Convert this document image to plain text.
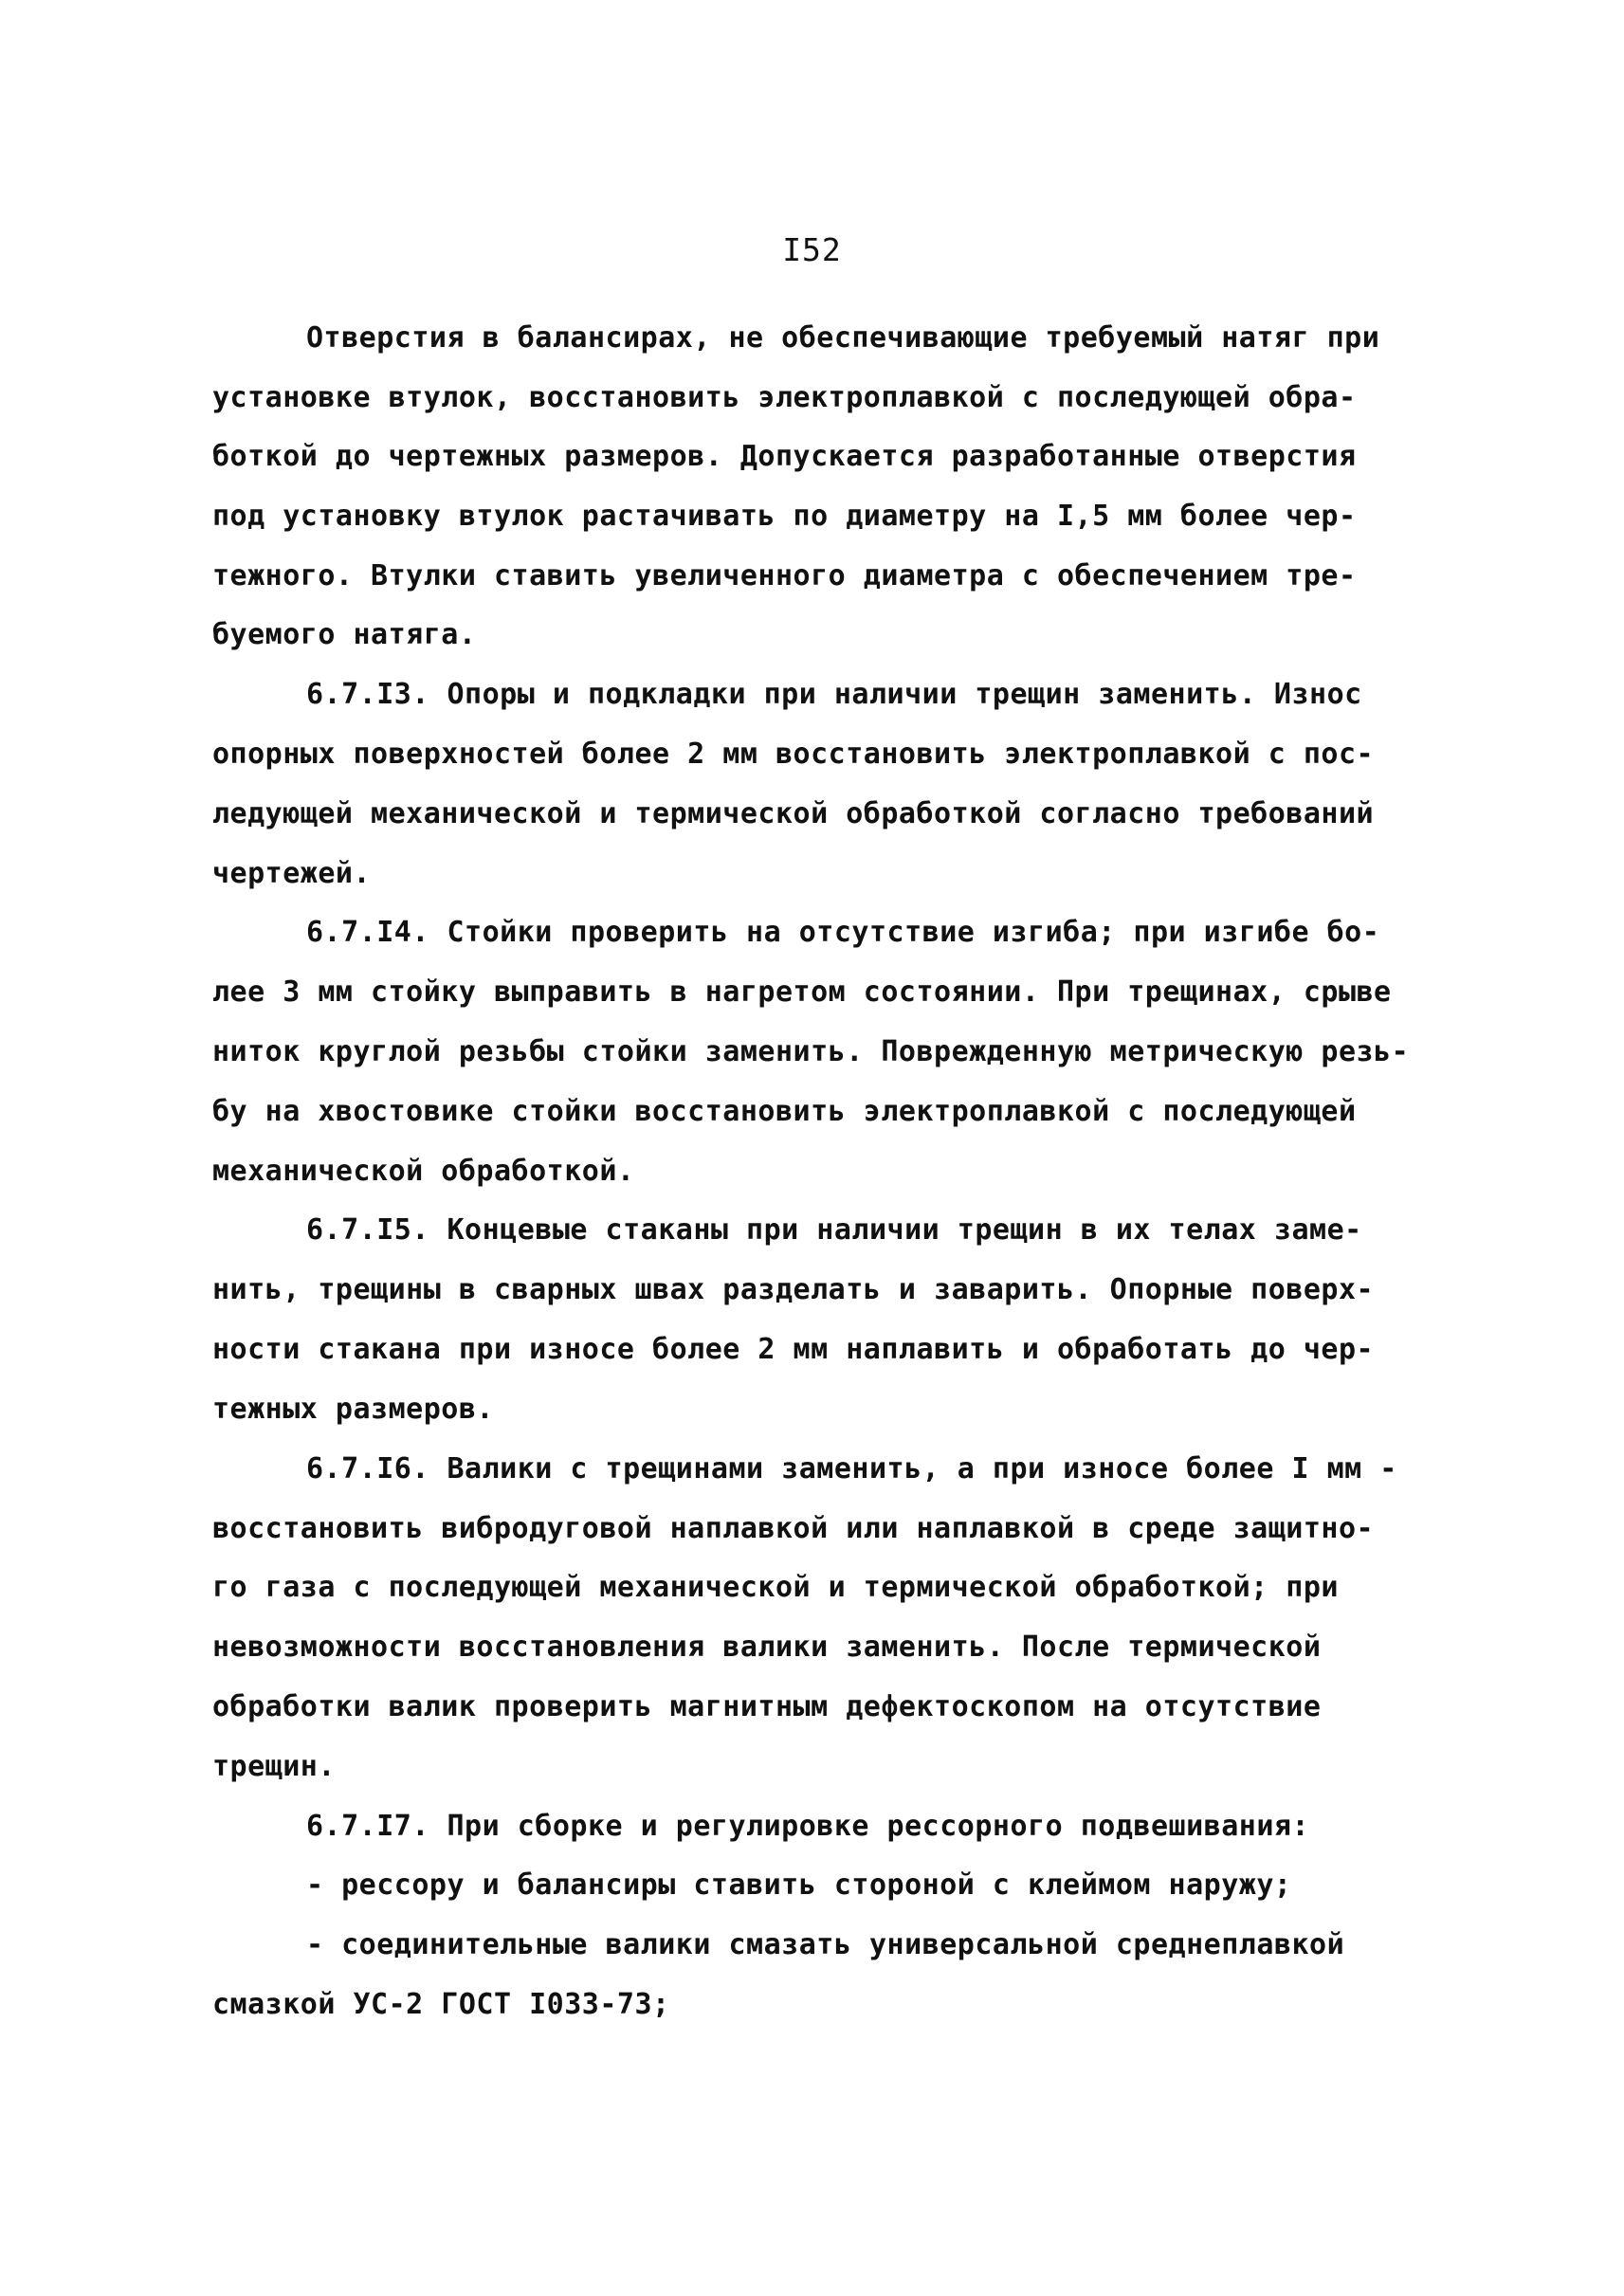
I52
Отверстия в балансирах, не обеспечивающие требуемый натяг при
установке втулок, восстановить электроплавкой с последующей обра-
боткой до чертежных размеров. Допускается разработанные отверстия
под установку втулок растачивать по диаметру на I,5 мм более чер-
тежного. Втулки ставить увеличенного диаметра с обеспечением тре-
буемого натяга.
6.7.I3. Опоры и подкладки при наличии трещин заменить. Износ
опорных поверхностей более 2 мм восстановить электроплавкой с пос-
ледующей механической и термической обработкой согласно требований
чертежей.
6.7.I4. Стойки проверить на отсутствие изгиба; при изгибе бо-
лее 3 мм стойку выправить в нагретом состоянии. При трещинах, срыве
ниток круглой резьбы стойки заменить. Поврежденную метрическую резь-
бу на хвостовике стойки восстановить электроплавкой с последующей
механической обработкой.
6.7.I5. Концевые стаканы при наличии трещин в их телах заме-
нить, трещины в сварных швах разделать и заварить. Опорные поверх-
ности стакана при износе более 2 мм наплавить и обработать до чер-
тежных размеров.
6.7.I6. Валики с трещинами заменить, а при износе более I мм -
восстановить вибродуговой наплавкой или наплавкой в среде защитно-
го газа с последующей механической и термической обработкой; при
невозможности восстановления валики заменить. После термической
обработки валик проверить магнитным дефектоскопом на отсутствие
трещин.
6.7.I7. При сборке и регулировке рессорного подвешивания:
- рессору и балансиры ставить стороной с клеймом наружу;
- соединительные валики смазать универсальной среднеплавкой
смазкой УС-2 ГОСТ I033-73;
